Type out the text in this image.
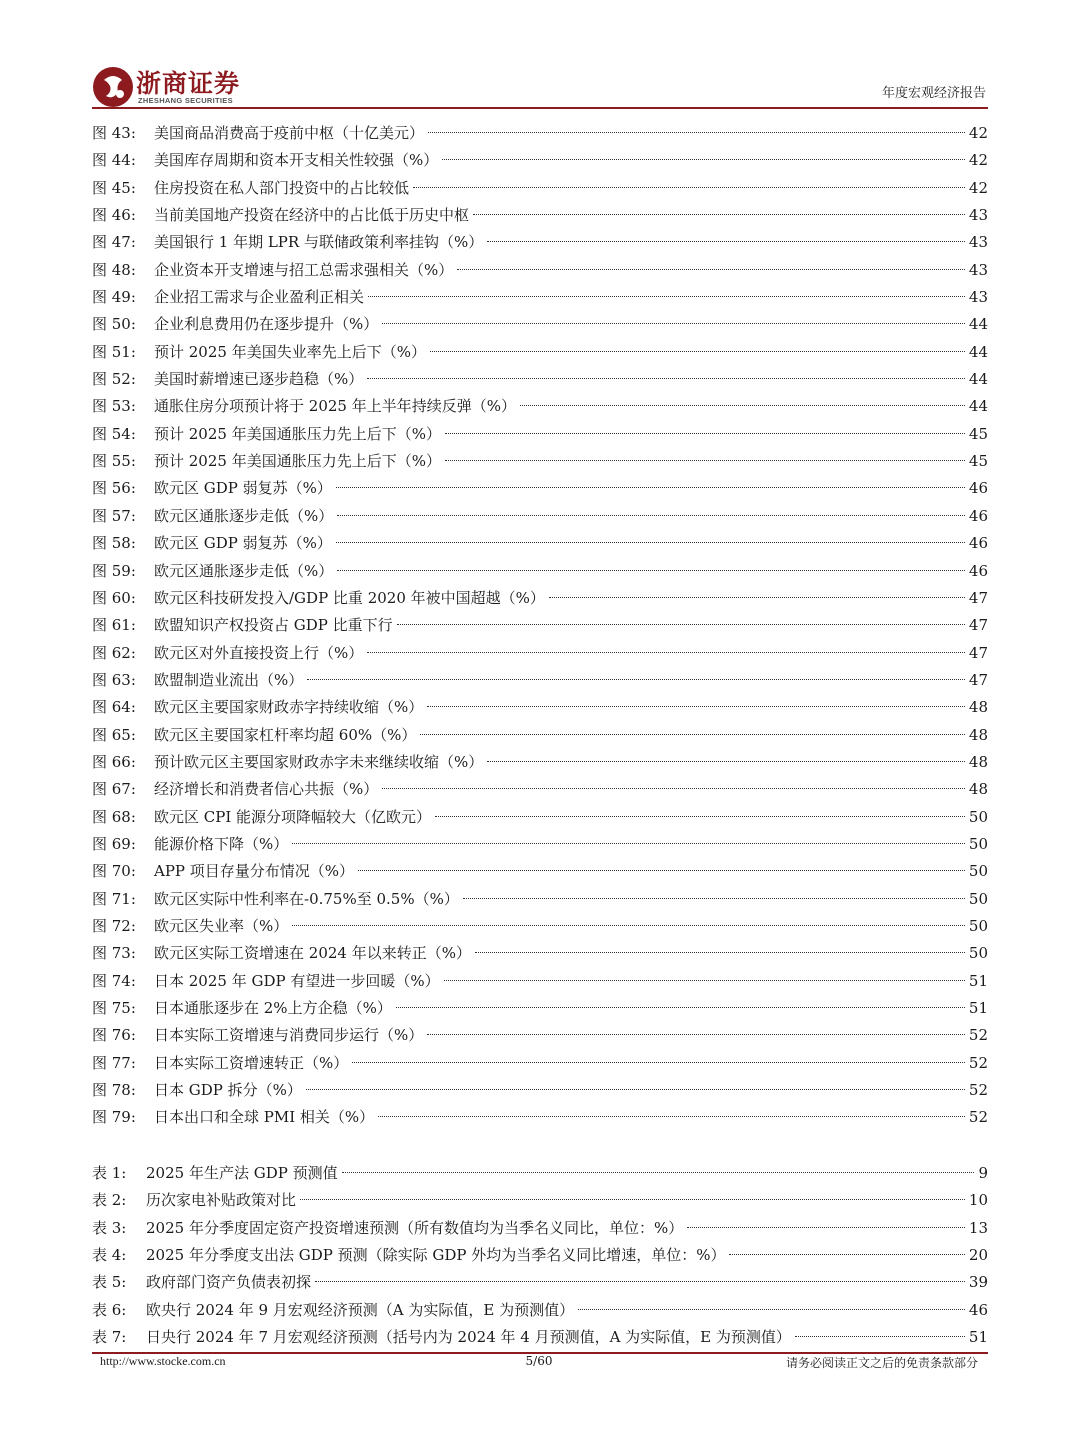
浙商证券
ZHESHANG SECURITIES	年度宏观经济报告
图 43:	美国商品消费高于疫前中枢（十亿美元）	42
图 44:	美国库存周期和资本开支相关性较强（%）	42
图 45:	住房投资在私人部门投资中的占比较低	42
图 46:	当前美国地产投资在经济中的占比低于历史中枢	43
图 47:	美国银行 1 年期 LPR 与联储政策利率挂钩（%）	43
图 48:	企业资本开支增速与招工总需求强相关（%）	43
图 49:	企业招工需求与企业盈利正相关	43
图 50:	企业利息费用仍在逐步提升（%）	44
图 51:	预计 2025 年美国失业率先上后下（%）	44
图 52:	美国时薪增速已逐步趋稳（%）	44
图 53:	通胀住房分项预计将于 2025 年上半年持续反弹（%）	44
图 54:	预计 2025 年美国通胀压力先上后下（%）	45
图 55:	预计 2025 年美国通胀压力先上后下（%）	45
图 56:	欧元区 GDP 弱复苏（%）	46
图 57:	欧元区通胀逐步走低（%）	46
图 58:	欧元区 GDP 弱复苏（%）	46
图 59:	欧元区通胀逐步走低（%）	46
图 60:	欧元区科技研发投入/GDP 比重 2020 年被中国超越（%）	47
图 61:	欧盟知识产权投资占 GDP 比重下行	47
图 62:	欧元区对外直接投资上行（%）	47
图 63:	欧盟制造业流出（%）	47
图 64:	欧元区主要国家财政赤字持续收缩（%）	48
图 65:	欧元区主要国家杠杆率均超 60%（%）	48
图 66:	预计欧元区主要国家财政赤字未来继续收缩（%）	48
图 67:	经济增长和消费者信心共振（%）	48
图 68:	欧元区 CPI 能源分项降幅较大（亿欧元）	50
图 69:	能源价格下降（%）	50
图 70:	APP 项目存量分布情况（%）	50
图 71:	欧元区实际中性利率在-0.75%至 0.5%（%）	50
图 72:	欧元区失业率（%）	50
图 73:	欧元区实际工资增速在 2024 年以来转正（%）	50
图 74:	日本 2025 年 GDP 有望进一步回暖（%）	51
图 75:	日本通胀逐步在 2%上方企稳（%）	51
图 76:	日本实际工资增速与消费同步运行（%）	52
图 77:	日本实际工资增速转正（%）	52
图 78:	日本 GDP 拆分（%）	52
图 79:	日本出口和全球 PMI 相关（%）	52
表 1:	2025 年生产法 GDP 预测值	9
表 2:	历次家电补贴政策对比	10
表 3:	2025 年分季度固定资产投资增速预测（所有数值均为当季名义同比，单位：%）	13
表 4:	2025 年分季度支出法 GDP 预测（除实际 GDP 外均为当季名义同比增速，单位：%）	20
表 5:	政府部门资产负债表初探	39
表 6:	欧央行 2024 年 9 月宏观经济预测（A 为实际值，E 为预测值）	46
表 7:	日央行 2024 年 7 月宏观经济预测（括号内为 2024 年 4 月预测值，A 为实际值，E 为预测值）	51
http://www.stocke.com.cn	5/60	请务必阅读正文之后的免责条款部分
